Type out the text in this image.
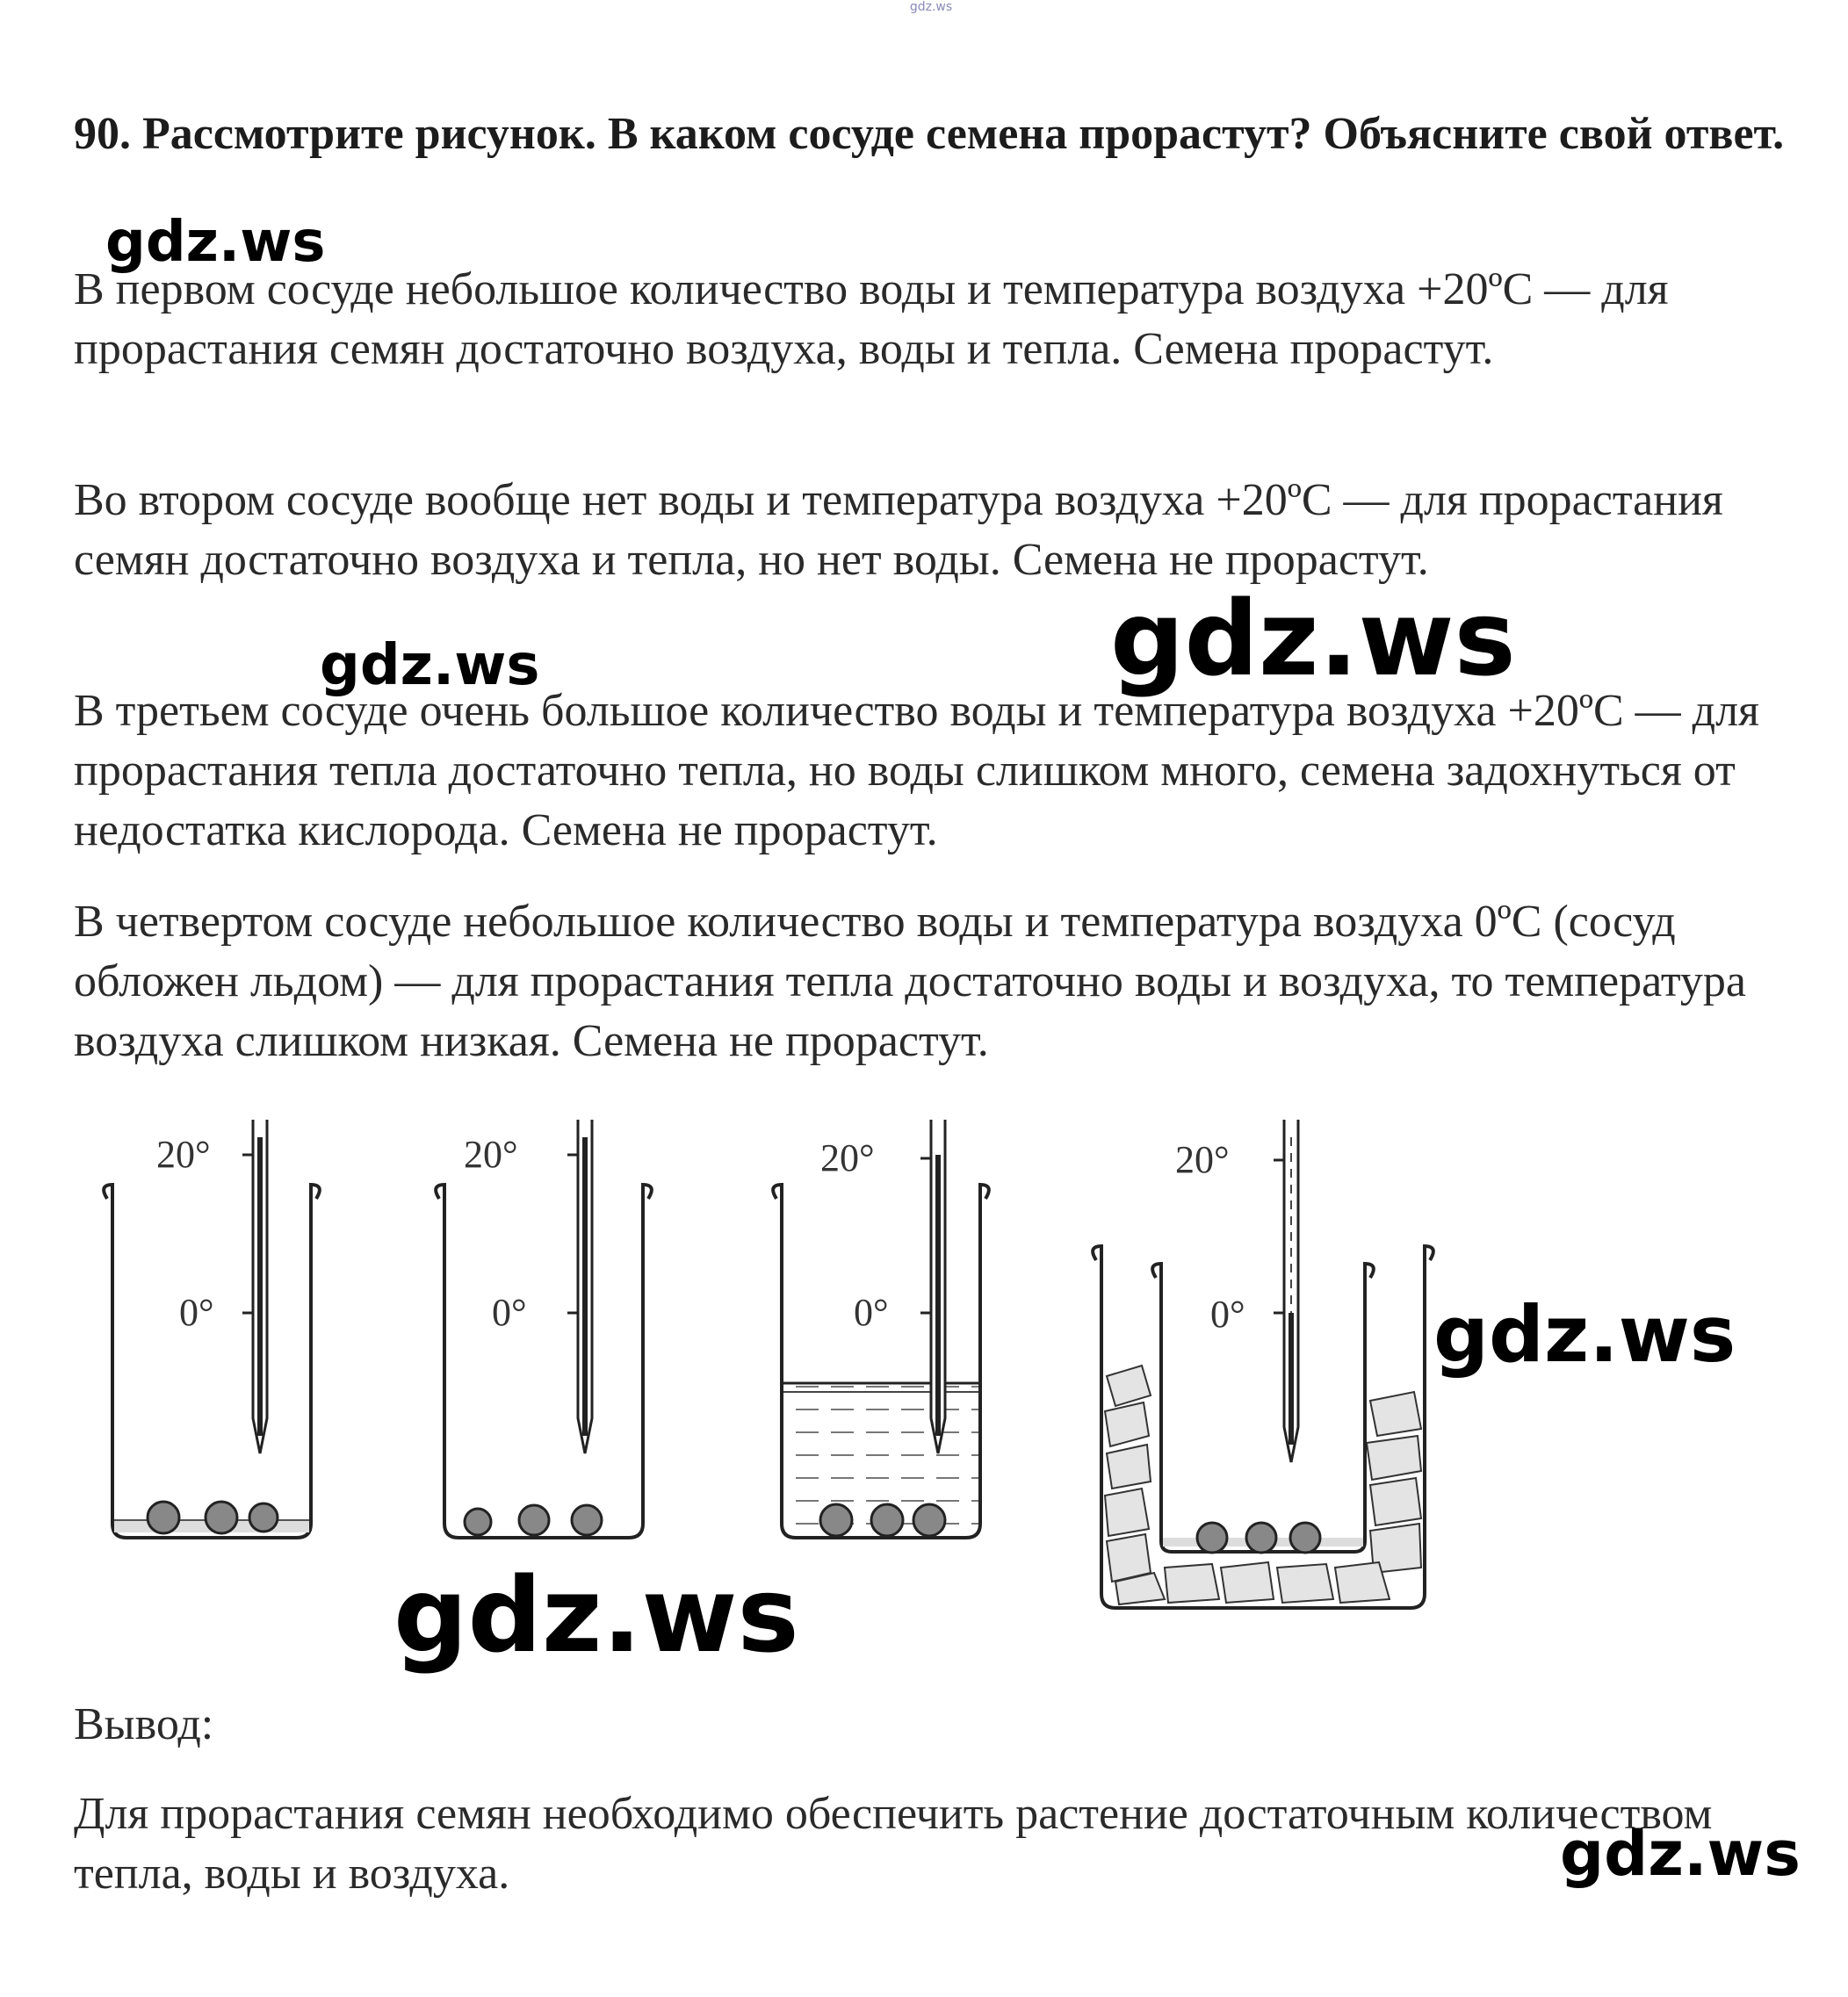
gdz.ws
90. Рассмотрите рисунок. В каком сосуде семена прорастут? Объясните свой ответ.

В первом сосуде небольшое количество воды и температура воздуха +20ºС — для прорастания семян достаточно воздуха, воды и тепла. Семена прорастут.

Во втором сосуде вообще нет воды и температура воздуха +20ºС — для прорастания семян достаточно воздуха и тепла, но нет воды. Семена не прорастут.

В третьем сосуде очень большое количество воды и температура воздуха +20ºС — для прорастания тепла достаточно тепла, но воды слишком много, семена задохнуться от недостатка кислорода. Семена не прорастут.

В четвертом сосуде небольшое количество воды и температура воздуха 0ºС (сосуд обложен льдом) — для прорастания тепла достаточно воды и воздуха, то температура воздуха слишком низкая. Семена не прорастут.

20°
0°
20°
0°
20°
0°
20°
0°

Вывод:

Для прорастания семян необходимо обеспечить растение достаточным количеством тепла, воды и воздуха.

gdz.ws
gdz.ws	gdz.ws
gdz.ws
gdz.ws
gdz.ws
